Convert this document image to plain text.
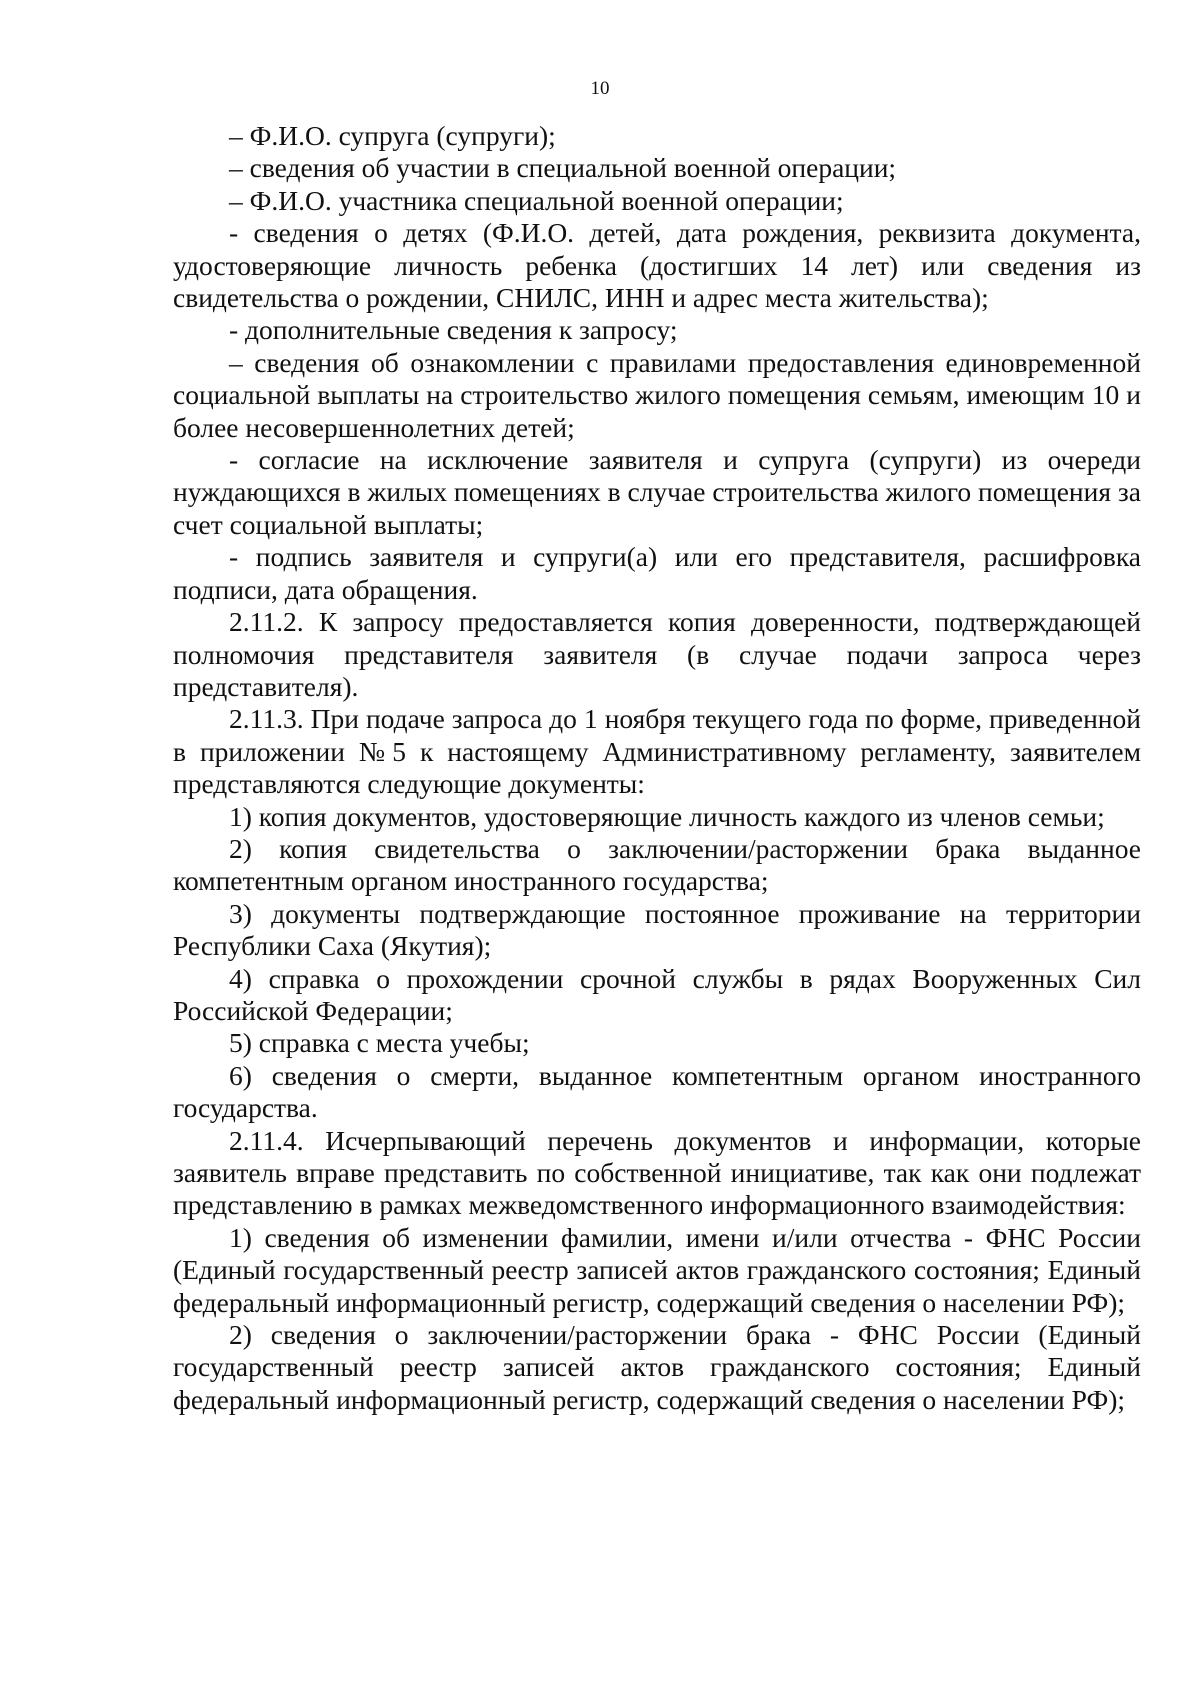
10

– Ф.И.О. супруга (супруги);

– сведения об участии в специальной военной операции;

– Ф.И.О. участника специальной военной операции;

- сведения о детях (Ф.И.О. детей, дата рождения, реквизита документа, удостоверяющие личность ребенка (достигших 14 лет) или сведения из свидетельства о рождении, СНИЛС, ИНН и адрес места жительства);

- дополнительные сведения к запросу;

– сведения об ознакомлении с правилами предоставления единовременной социальной выплаты на строительство жилого помещения семьям, имеющим 10 и более несовершеннолетних детей;

- согласие на исключение заявителя и супруга (супруги) из очереди нуждающихся в жилых помещениях в случае строительства жилого помещения за счет социальной выплаты;

- подпись заявителя и супруги(а) или его представителя, расшифровка подписи, дата обращения.

2.11.2. К запросу предоставляется копия доверенности, подтверждающей полномочия представителя заявителя (в случае подачи запроса через представителя).

2.11.3. При подаче запроса до 1 ноября текущего года по форме, приведенной в приложении №5 к настоящему Административному регламенту, заявителем представляются следующие документы:

1) копия документов, удостоверяющие личность каждого из членов семьи;

2) копия свидетельства о заключении/расторжении брака выданное компетентным органом иностранного государства;

3) документы подтверждающие постоянное проживание на территории Республики Саха (Якутия);

4) справка о прохождении срочной службы в рядах Вооруженных Сил Российской Федерации;

5) справка с места учебы;

6) сведения о смерти, выданное компетентным органом иностранного государства.

2.11.4. Исчерпывающий перечень документов и информации, которые заявитель вправе представить по собственной инициативе, так как они подлежат представлению в рамках межведомственного информационного взаимодействия:

1) сведения об изменении фамилии, имени и/или отчества - ФНС России (Единый государственный реестр записей актов гражданского состояния; Единый федеральный информационный регистр, содержащий сведения о населении РФ);

2) сведения о заключении/расторжении брака - ФНС России (Единый государственный реестр записей актов гражданского состояния; Единый федеральный информационный регистр, содержащий сведения о населении РФ);
